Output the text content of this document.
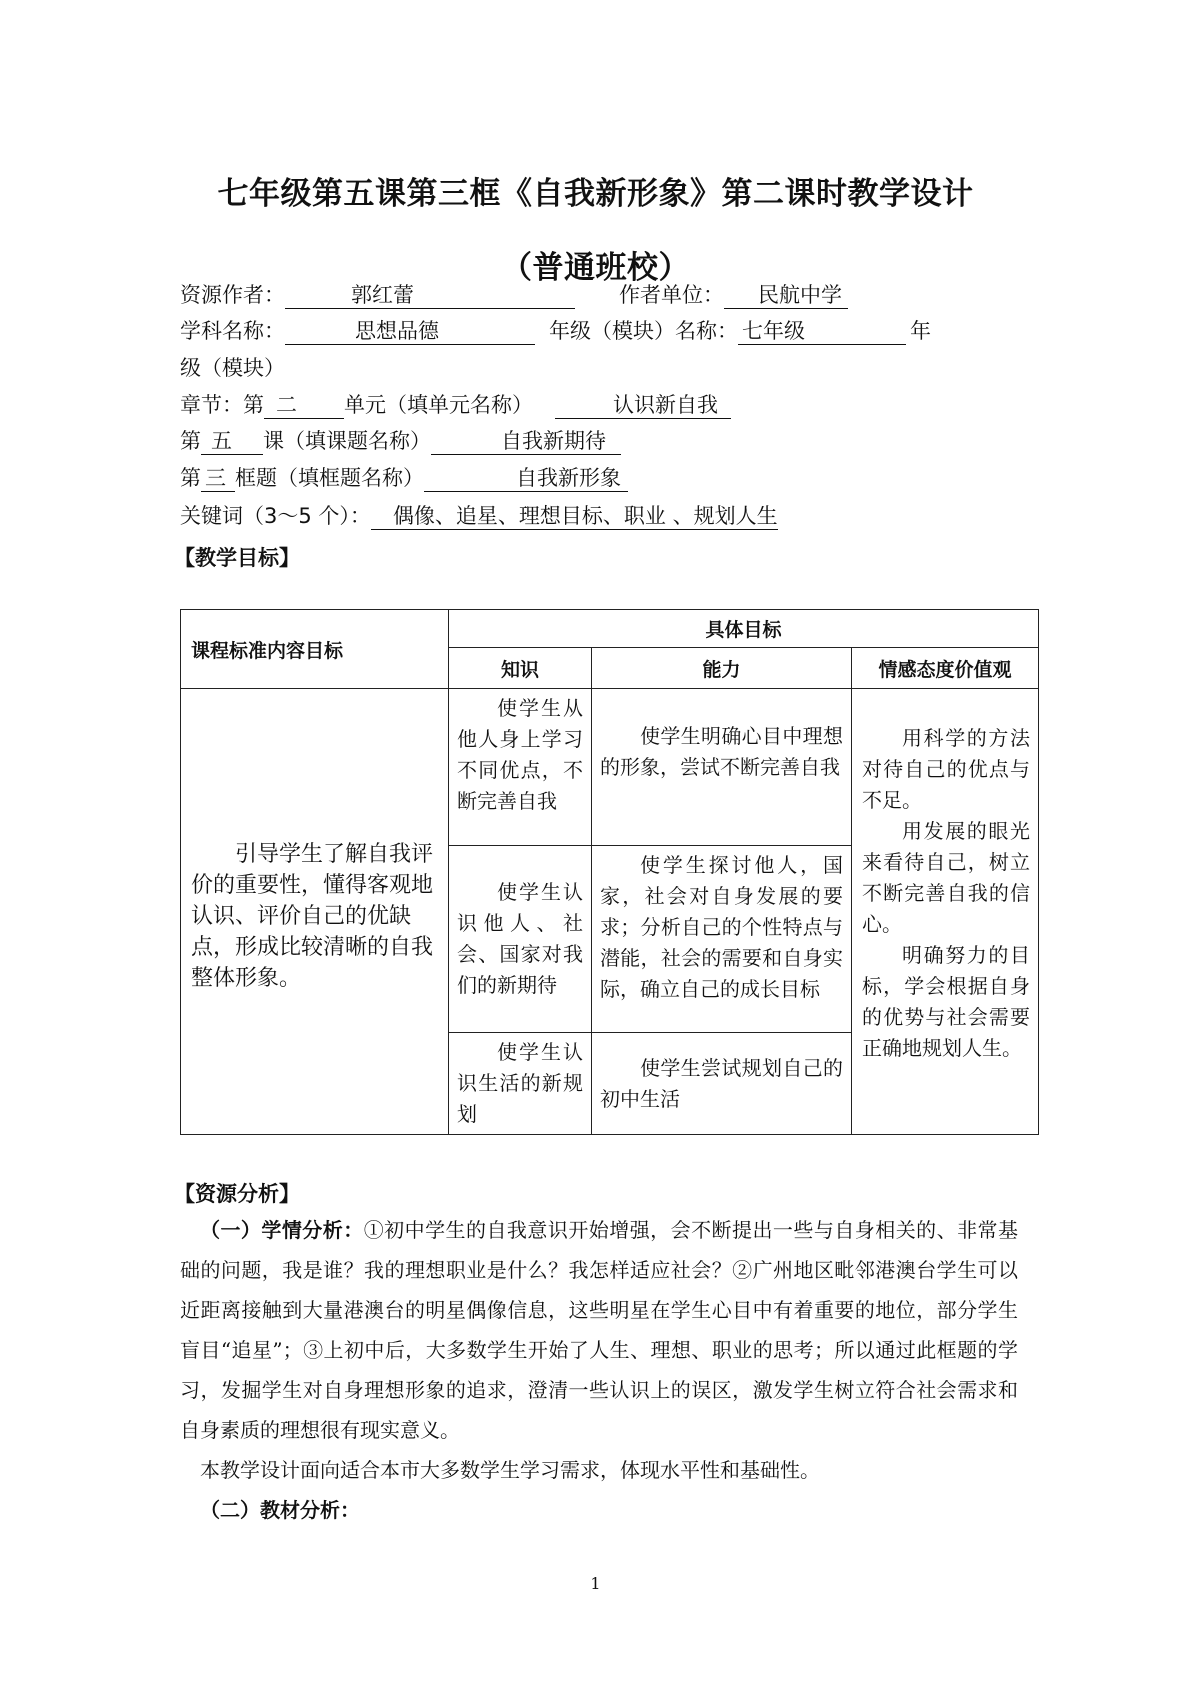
七年级第五课第三框《自我新形象》第二课时教学设计
（普通班校）
资源作者：	郭红蕾	作者单位： 民航中学
学科名称：	思想品德	年级（模块）名称： 七年级	年
级（模块）
章节：第 二 单元（填单元名称）	认识新自我
第 五 课（填课题名称）	自我新期待
第 三 框题（填框题名称）	自我新形象
关键词（3～5 个）： 偶像、追星、理想目标、职业 、规划人生
【教学目标】
课程标准内容目标	具体目标		
	知识	能力	情感态度价值观
引导学生了解自我评价的重要性，懂得客观地认识、评价自己的优缺点，形成比较清晰的自我整体形象。	使学生从他人身上学习不同优点，不断完善自我	使学生明确心目中理想的形象，尝试不断完善自我	用科学的方法对待自己的优点与不足。

用发展的眼光来看待自己，树立不断完善自我的信心。

明确努力的目标，学会根据自身的优势与社会需要正确地规划人生。

	使学生认识他人、社会、国家对我们的新期待	使学生探讨他人，国家，社会对自身发展的要求；分析自己的个性特点与潜能，社会的需要和自身实际，确立自己的成长目标	
	使学生认识生活的新规划	使学生尝试规划自己的初中生活	
【资源分析】
（一）学情分析：①初中学生的自我意识开始增强，会不断提出一些与自身相关的、非常基础的问题，我是谁？我的理想职业是什么？我怎样适应社会？②广州地区毗邻港澳台学生可以近距离接触到大量港澳台的明星偶像信息，这些明星在学生心目中有着重要的地位，部分学生盲目“追星”；③上初中后，大多数学生开始了人生、理想、职业的思考；所以通过此框题的学习，发掘学生对自身理想形象的追求，澄清一些认识上的误区，激发学生树立符合社会需求和自身素质的理想很有现实意义。
本教学设计面向适合本市大多数学生学习需求，体现水平性和基础性。
（二）教材分析：
1
